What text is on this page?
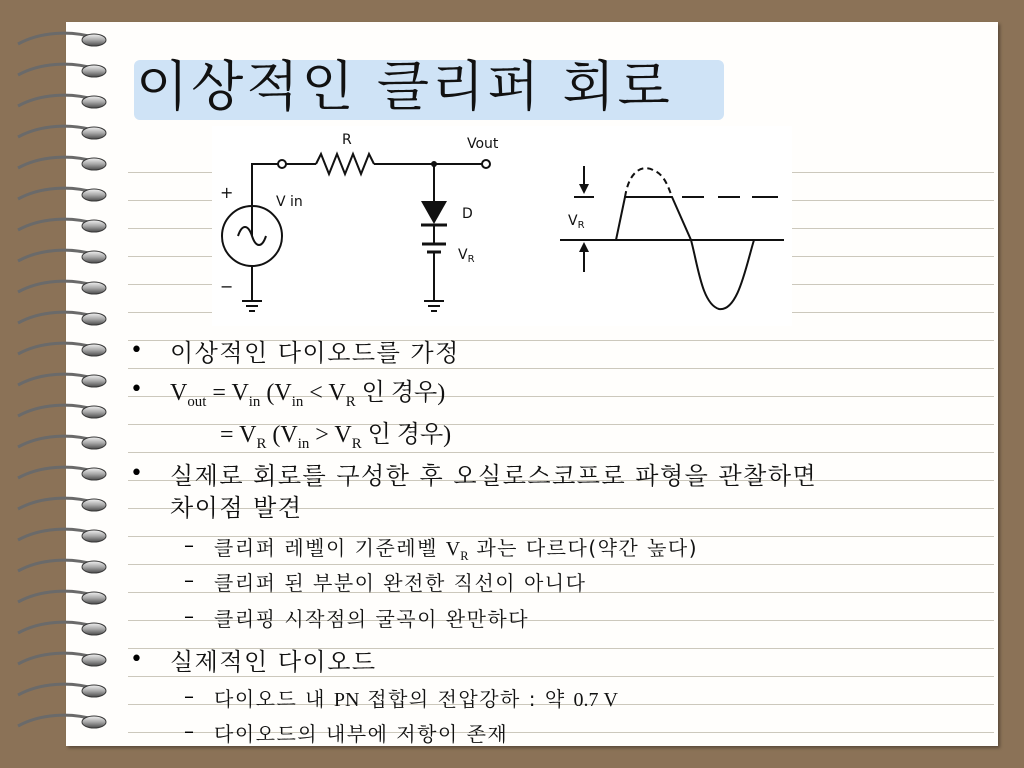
이상적인 클리퍼 회로
R	Vout
+
−
V in
D
$V_R$
$V_R$
• 이상적인 다이오드를 가정
• $V_{out} = V_{in}$ ($V_{in} < V_R$ 인 경우)
= $V_R$ ($V_{in} > V_R$ 인 경우)
• 실제로 회로를 구성한 후 오실로스코프로 파형을 관찰하면
차이점 발견
– 클리퍼 레벨이 기준레벨 $V_R$ 과는 다르다(약간 높다)
– 클리퍼 된 부분이 완전한 직선이 아니다
– 클리핑 시작점의 굴곡이 완만하다
• 실제적인 다이오드
– 다이오드 내 PN 접합의 전압강하 : 약 0.7 V
– 다이오드의 내부에 저항이 존재
